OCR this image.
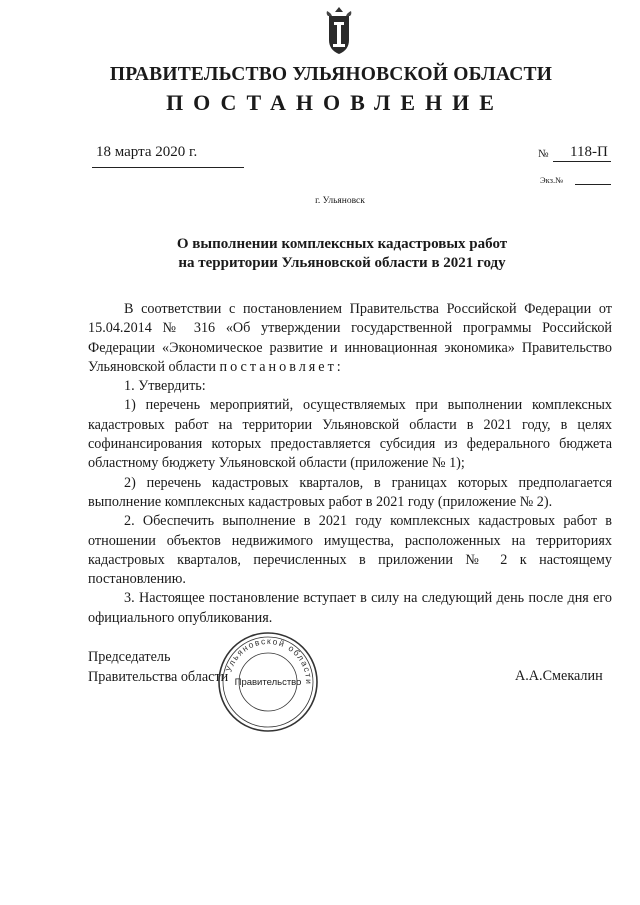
ПРАВИТЕЛЬСТВО УЛЬЯНОВСКОЙ ОБЛАСТИ
ПОСТАНОВЛЕНИЕ
18 марта 2020 г.	№ 118-П
Экз.№
г. Ульяновск
О выполнении комплексных кадастровых работ
на территории Ульяновской области в 2021 году

В соответствии с постановлением Правительства Российской Федерации от 15.04.2014 № 316 «Об утверждении государственной программы Российской Федерации «Экономическое развитие и инновационная экономика» Правительство Ульяновской области постановляет:

1. Утвердить:

1) перечень мероприятий, осуществляемых при выполнении комплексных кадастровых работ на территории Ульяновской области в 2021 году, в целях софинансирования которых предоставляется субсидия из федерального бюджета областному бюджету Ульяновской области (приложение № 1);

2) перечень кадастровых кварталов, в границах которых предполагается выполнение комплексных кадастровых работ в 2021 году (приложение № 2).

2. Обеспечить выполнение в 2021 году комплексных кадастровых работ в отношении объектов недвижимого имущества, расположенных на территориях кадастровых кварталов, перечисленных в приложении № 2 к настоящему постановлению.

3. Настоящее постановление вступает в силу на следующий день после дня его официального опубликования.

Председатель
Правительства области	А.А.Смекалин
Ульяновской области
Правительство
